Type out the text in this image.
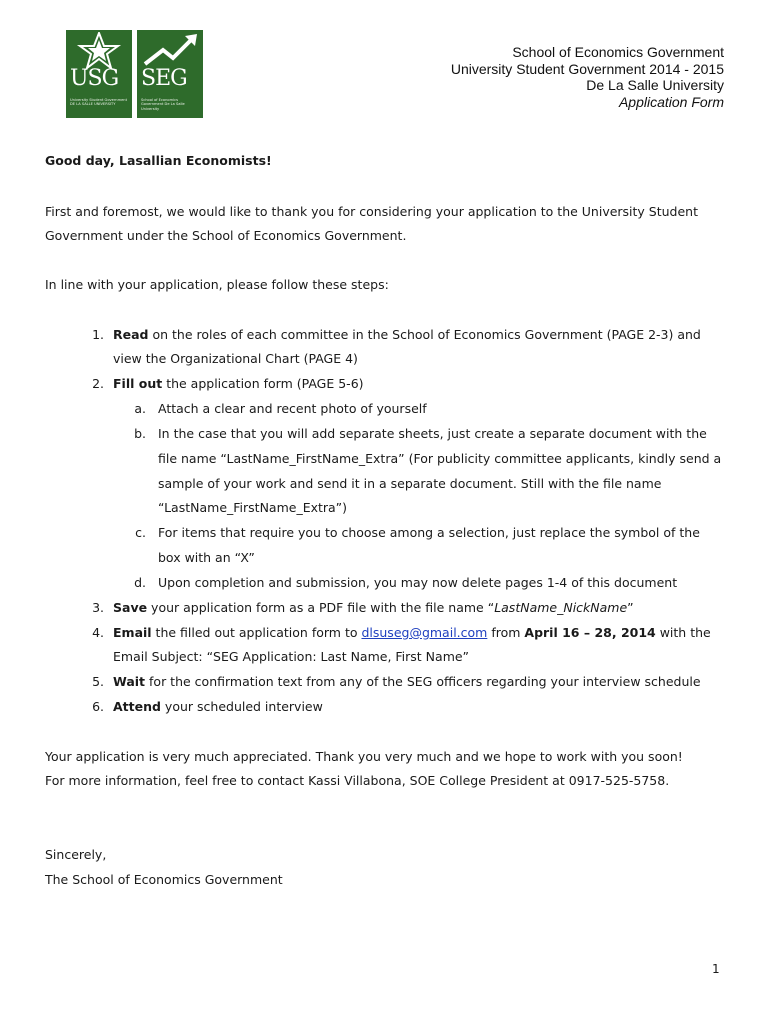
USG
University Student Government DE LA SALLE UNIVERSITY
SEG
School of Economics Government De La Salle University
School of Economics Government
University Student Government 2014 - 2015
De La Salle University
Application Form
Good day, Lasallian Economists!
First and foremost, we would like to thank you for considering your application to the University Student
Government under the School of Economics Government.
In line with your application, please follow these steps:
1. Read on the roles of each committee in the School of Economics Government (PAGE 2-3) and
view the Organizational Chart (PAGE 4)
2. Fill out the application form (PAGE 5-6)
a. Attach a clear and recent photo of yourself
b. In the case that you will add separate sheets, just create a separate document with the
file name “LastName_FirstName_Extra” (For publicity committee applicants, kindly send a
sample of your work and send it in a separate document. Still with the file name
“LastName_FirstName_Extra”)
c. For items that require you to choose among a selection, just replace the symbol of the
box with an “X”
d. Upon completion and submission, you may now delete pages 1-4 of this document
3. Save your application form as a PDF file with the file name “LastName_NickName”
4. Email the filled out application form to dlsuseg@gmail.com from April 16 – 28, 2014 with the
Email Subject: “SEG Application: Last Name, First Name”
5. Wait for the confirmation text from any of the SEG officers regarding your interview schedule
6. Attend your scheduled interview
Your application is very much appreciated. Thank you very much and we hope to work with you soon!
For more information, feel free to contact Kassi Villabona, SOE College President at 0917-525-5758.
Sincerely,
The School of Economics Government
1
